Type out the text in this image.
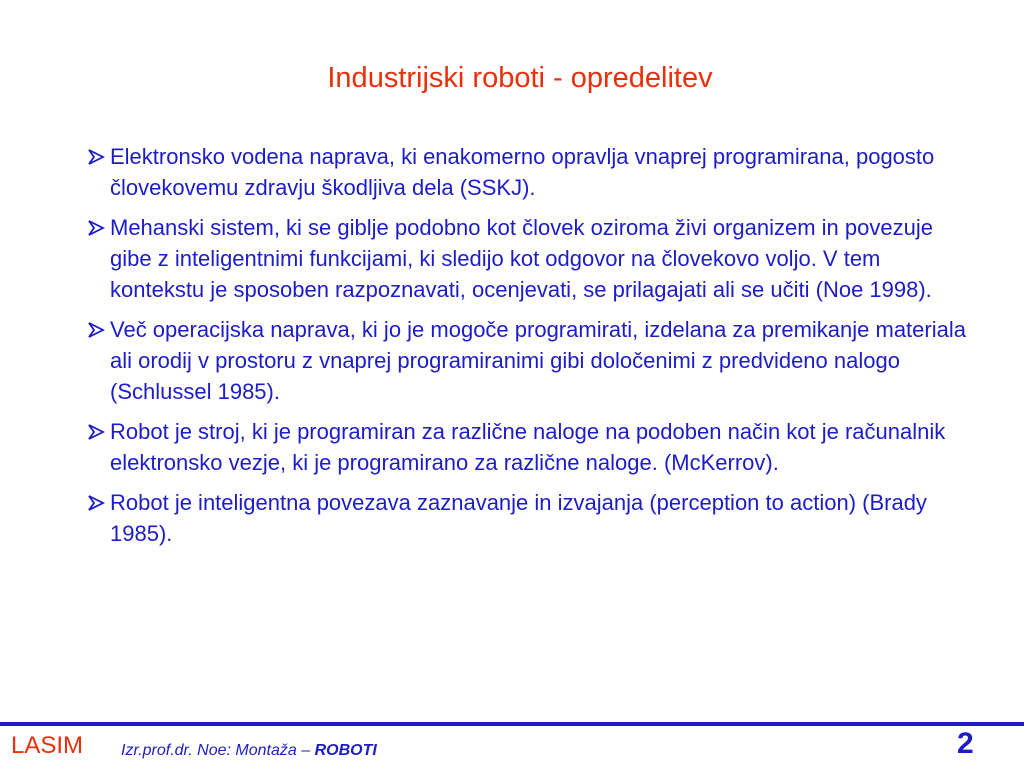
Industrijski roboti - opredelitev
Elektronsko vodena naprava, ki enakomerno opravlja vnaprej programirana, pogosto človekovemu zdravju škodljiva dela (SSKJ).
Mehanski sistem, ki se giblje podobno kot človek oziroma živi organizem in povezuje gibe z inteligentnimi funkcijami, ki sledijo kot odgovor na človekovo voljo. V tem kontekstu je sposoben razpoznavati, ocenjevati, se prilagajati ali se učiti (Noe 1998).
Več operacijska naprava, ki jo je mogoče programirati, izdelana za premikanje materiala ali orodij v prostoru z vnaprej programiranimi gibi določenimi z predvideno nalogo (Schlussel 1985).
Robot je stroj, ki je programiran za različne naloge na podoben način kot je računalnik elektronsko vezje, ki je programirano za različne naloge. (McKerrov).
Robot je inteligentna povezava zaznavanje in izvajanja (perception to action) (Brady 1985).
LASIM Izr.prof.dr. Noe: Montaža – ROBOTI	2
